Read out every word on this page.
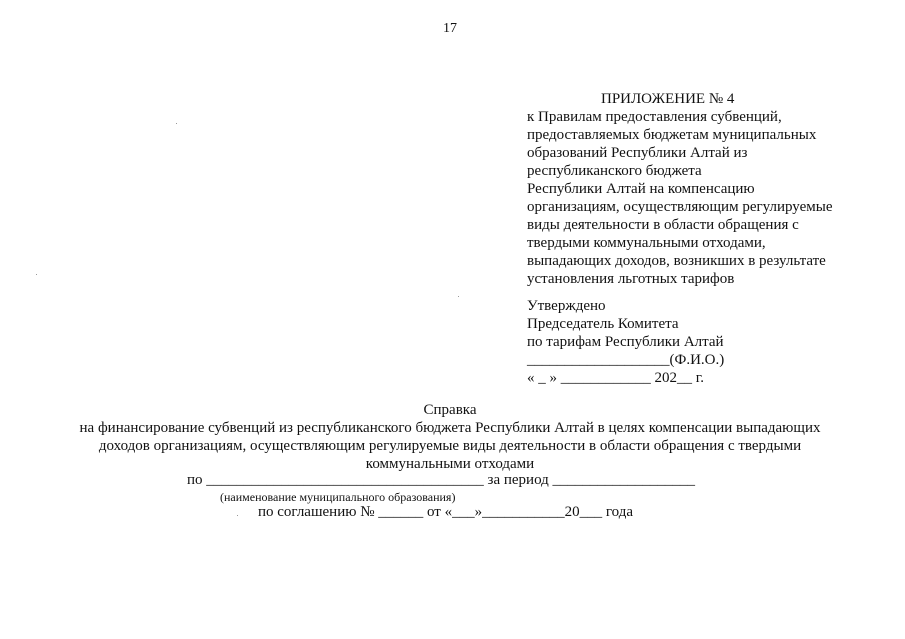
17
ПРИЛОЖЕНИЕ № 4
к Правилам предоставления субвенций,
предоставляемых бюджетам муниципальных
образований Республики Алтай из
республиканского бюджета
Республики Алтай на компенсацию
организациям, осуществляющим регулируемые
виды деятельности в области обращения с
твердыми коммунальными отходами,
выпадающих доходов, возникших в результате
установления льготных тарифов
Утверждено
Председатель Комитета
по тарифам Республики Алтай
___________________(Ф.И.О.)
« _ » ____________ 202__ г.
Справка
на финансирование субвенций из республиканского бюджета Республики Алтай в целях компенсации выпадающих
доходов организациям, осуществляющим регулируемые виды деятельности в области обращения с твердыми
коммунальными отходами
по _____________________________________ за период ___________________
(наименование муниципального образования)
по соглашению № ______ от «___»___________20___ года
